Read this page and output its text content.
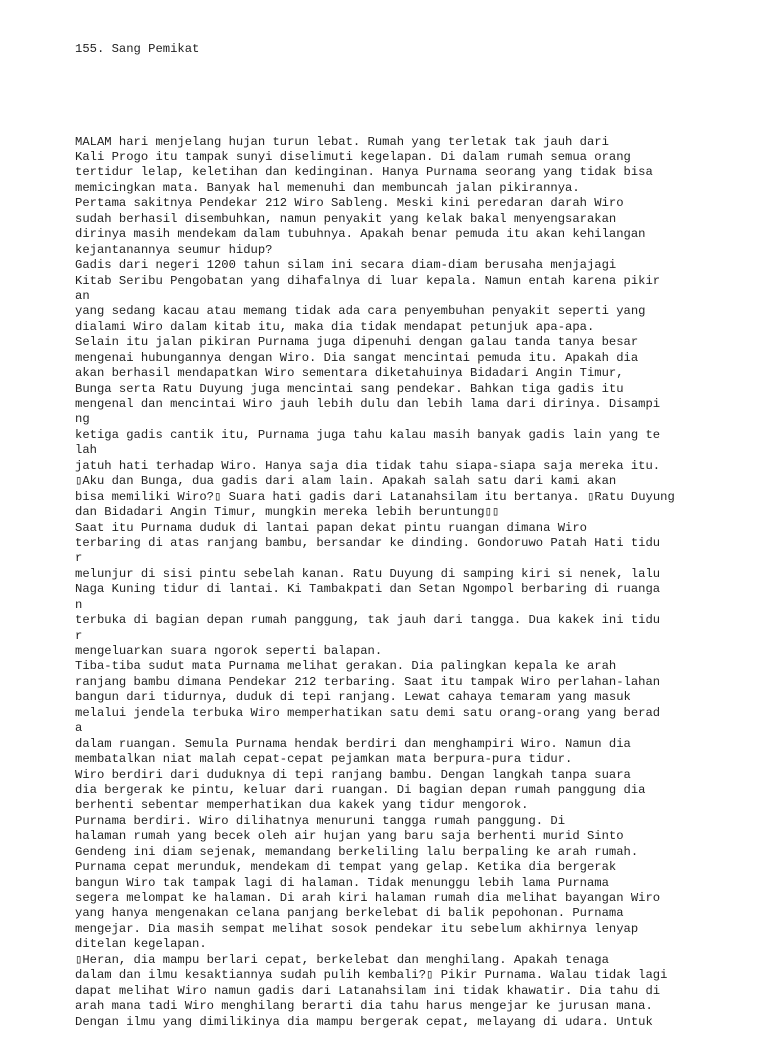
155. Sang Pemikat

MALAM hari menjelang hujan turun lebat. Rumah yang terletak tak jauh dari
Kali Progo itu tampak sunyi diselimuti kegelapan. Di dalam rumah semua orang
tertidur lelap, keletihan dan kedinginan. Hanya Purnama seorang yang tidak bisa
memicingkan mata. Banyak hal memenuhi dan membuncah jalan pikirannya.
Pertama sakitnya Pendekar 212 Wiro Sableng. Meski kini peredaran darah Wiro
sudah berhasil disembuhkan, namun penyakit yang kelak bakal menyengsarakan
dirinya masih mendekam dalam tubuhnya. Apakah benar pemuda itu akan kehilangan
kejantanannya seumur hidup?
Gadis dari negeri 1200 tahun silam ini secara diam-diam berusaha menjajagi
Kitab Seribu Pengobatan yang dihafalnya di luar kepala. Namun entah karena pikir
an
yang sedang kacau atau memang tidak ada cara penyembuhan penyakit seperti yang
dialami Wiro dalam kitab itu, maka dia tidak mendapat petunjuk apa-apa.
Selain itu jalan pikiran Purnama juga dipenuhi dengan galau tanda tanya besar
mengenai hubungannya dengan Wiro. Dia sangat mencintai pemuda itu. Apakah dia
akan berhasil mendapatkan Wiro sementara diketahuinya Bidadari Angin Timur,
Bunga serta Ratu Duyung juga mencintai sang pendekar. Bahkan tiga gadis itu
mengenal dan mencintai Wiro jauh lebih dulu dan lebih lama dari dirinya. Disampi
ng
ketiga gadis cantik itu, Purnama juga tahu kalau masih banyak gadis lain yang te
lah
jatuh hati terhadap Wiro. Hanya saja dia tidak tahu siapa-siapa saja mereka itu.
▯Aku dan Bunga, dua gadis dari alam lain. Apakah salah satu dari kami akan
bisa memiliki Wiro?▯ Suara hati gadis dari Latanahsilam itu bertanya. ▯Ratu Duyung
dan Bidadari Angin Timur, mungkin mereka lebih beruntung▯▯
Saat itu Purnama duduk di lantai papan dekat pintu ruangan dimana Wiro
terbaring di atas ranjang bambu, bersandar ke dinding. Gondoruwo Patah Hati tidu
r
melunjur di sisi pintu sebelah kanan. Ratu Duyung di samping kiri si nenek, lalu
Naga Kuning tidur di lantai. Ki Tambakpati dan Setan Ngompol berbaring di ruanga
n
terbuka di bagian depan rumah panggung, tak jauh dari tangga. Dua kakek ini tidu
r
mengeluarkan suara ngorok seperti balapan.
Tiba-tiba sudut mata Purnama melihat gerakan. Dia palingkan kepala ke arah
ranjang bambu dimana Pendekar 212 terbaring. Saat itu tampak Wiro perlahan-lahan
bangun dari tidurnya, duduk di tepi ranjang. Lewat cahaya temaram yang masuk
melalui jendela terbuka Wiro memperhatikan satu demi satu orang-orang yang berad
a
dalam ruangan. Semula Purnama hendak berdiri dan menghampiri Wiro. Namun dia
membatalkan niat malah cepat-cepat pejamkan mata berpura-pura tidur.
Wiro berdiri dari duduknya di tepi ranjang bambu. Dengan langkah tanpa suara
dia bergerak ke pintu, keluar dari ruangan. Di bagian depan rumah panggung dia
berhenti sebentar memperhatikan dua kakek yang tidur mengorok.
Purnama berdiri. Wiro dilihatnya menuruni tangga rumah panggung. Di
halaman rumah yang becek oleh air hujan yang baru saja berhenti murid Sinto
Gendeng ini diam sejenak, memandang berkeliling lalu berpaling ke arah rumah.
Purnama cepat merunduk, mendekam di tempat yang gelap. Ketika dia bergerak
bangun Wiro tak tampak lagi di halaman. Tidak menunggu lebih lama Purnama
segera melompat ke halaman. Di arah kiri halaman rumah dia melihat bayangan Wiro
yang hanya mengenakan celana panjang berkelebat di balik pepohonan. Purnama
mengejar. Dia masih sempat melihat sosok pendekar itu sebelum akhirnya lenyap
ditelan kegelapan.
▯Heran, dia mampu berlari cepat, berkelebat dan menghilang. Apakah tenaga
dalam dan ilmu kesaktiannya sudah pulih kembali?▯ Pikir Purnama. Walau tidak lagi
dapat melihat Wiro namun gadis dari Latanahsilam ini tidak khawatir. Dia tahu di
arah mana tadi Wiro menghilang berarti dia tahu harus mengejar ke jurusan mana.
Dengan ilmu yang dimilikinya dia mampu bergerak cepat, melayang di udara. Untuk
